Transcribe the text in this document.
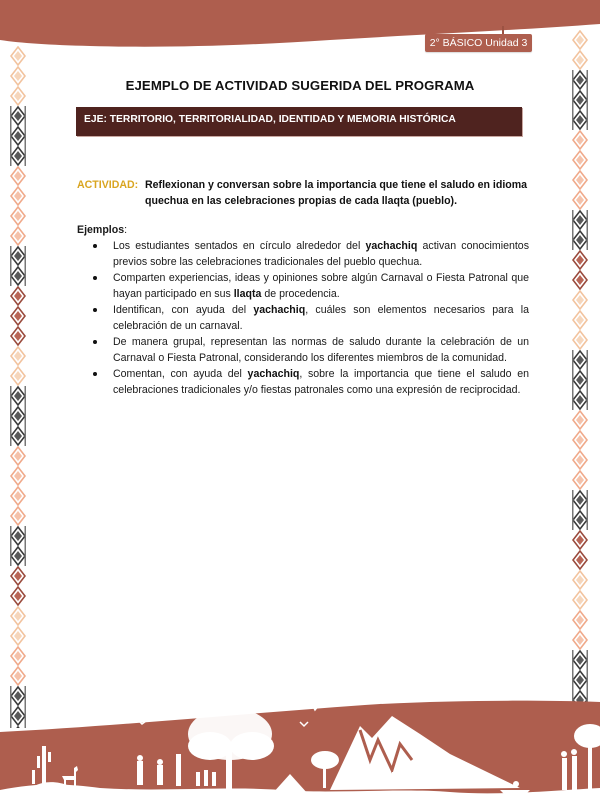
2° BÁSICO Unidad 3
EJEMPLO DE ACTIVIDAD SUGERIDA DEL PROGRAMA
EJE: TERRITORIO, TERRITORIALIDAD, IDENTIDAD Y MEMORIA HISTÓRICA
ACTIVIDAD: Reflexionan y conversan sobre la importancia que tiene el saludo en idioma quechua en las celebraciones propias de cada llaqta (pueblo).
Ejemplos:
Los estudiantes sentados en círculo alrededor del yachachiq activan conocimientos previos sobre las celebraciones tradicionales del pueblo quechua.
Comparten experiencias, ideas y opiniones sobre algún Carnaval o Fiesta Patronal que hayan participado en sus llaqta de procedencia.
Identifican, con ayuda del yachachiq, cuáles son elementos necesarios para la celebración de un carnaval.
De manera grupal, representan las normas de saludo durante la celebración de un Carnaval o Fiesta Patronal, considerando los diferentes miembros de la comunidad.
Comentan, con ayuda del yachachiq, sobre la importancia que tiene el saludo en celebraciones tradicionales y/o fiestas patronales como una expresión de reciprocidad.
